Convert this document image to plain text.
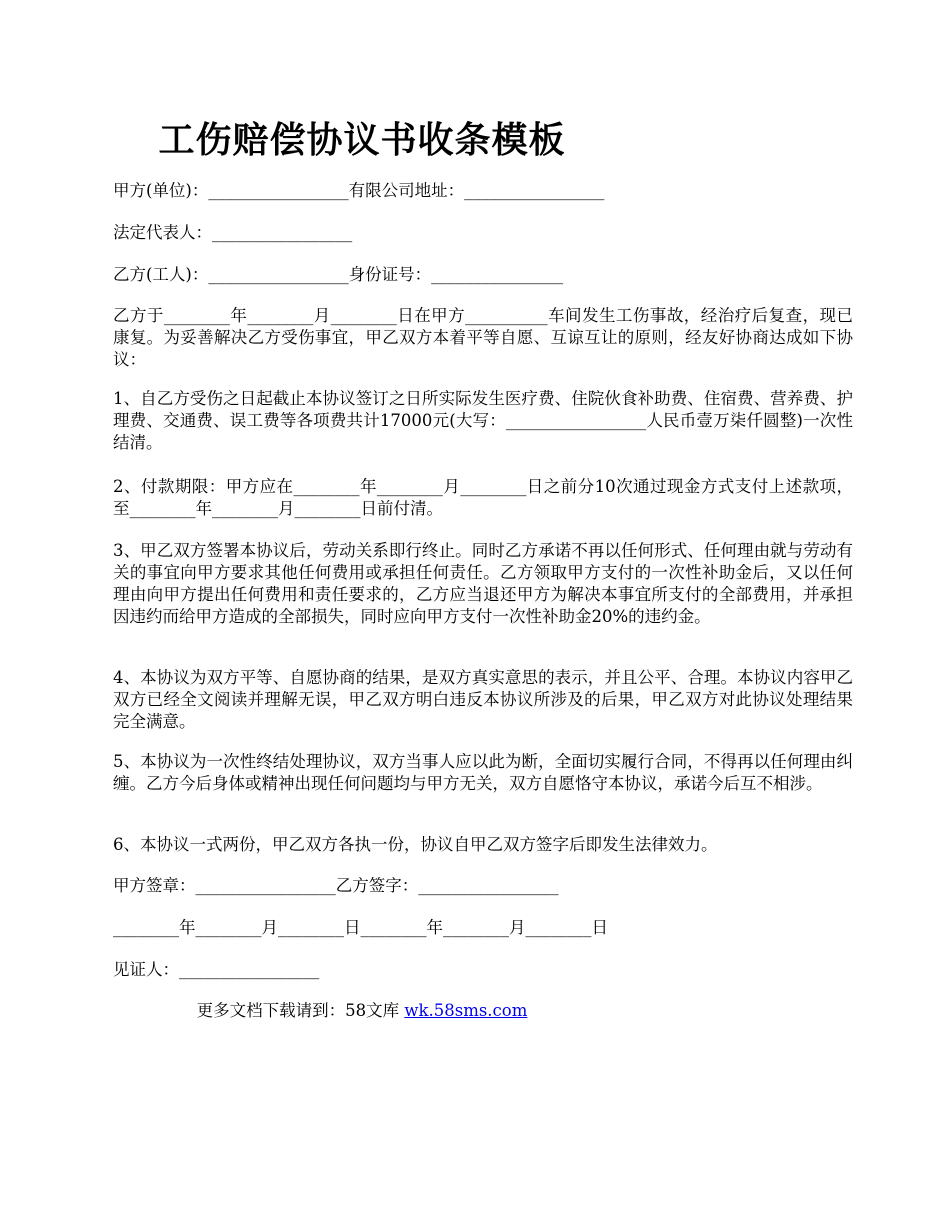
工伤赔偿协议书收条模板

甲方(单位)：_________________有限公司地址：_________________

法定代表人：_________________

乙方(工人)：_________________身份证号：________________

乙方于________年________月________日在甲方__________车间发生工伤事故，经治疗后复查，现已康复。为妥善解决乙方受伤事宜，甲乙双方本着平等自愿、互谅互让的原则，经友好协商达成如下协议：

1、自乙方受伤之日起截止本协议签订之日所实际发生医疗费、住院伙食补助费、住宿费、营养费、护理费、交通费、误工费等各项费共计17000元(大写：_________________人民币壹万柒仟圆整)一次性结清。

2、付款期限：甲方应在________年________月________日之前分10次通过现金方式支付上述款项，至________年________月________日前付清。

3、甲乙双方签署本协议后，劳动关系即行终止。同时乙方承诺不再以任何形式、任何理由就与劳动有关的事宜向甲方要求其他任何费用或承担任何责任。乙方领取甲方支付的一次性补助金后，又以任何理由向甲方提出任何费用和责任要求的，乙方应当退还甲方为解决本事宜所支付的全部费用，并承担因违约而给甲方造成的全部损失，同时应向甲方支付一次性补助金20%的违约金。

4、本协议为双方平等、自愿协商的结果，是双方真实意思的表示，并且公平、合理。本协议内容甲乙双方已经全文阅读并理解无误，甲乙双方明白违反本协议所涉及的后果，甲乙双方对此协议处理结果完全满意。

5、本协议为一次性终结处理协议，双方当事人应以此为断，全面切实履行合同，不得再以任何理由纠缠。乙方今后身体或精神出现任何问题均与甲方无关，双方自愿恪守本协议，承诺今后互不相涉。

6、本协议一式两份，甲乙双方各执一份，协议自甲乙双方签字后即发生法律效力。

甲方签章：_________________乙方签字：_________________

________年________月________日________年________月________日

见证人：_________________

更多文档下载请到：58文库 wk.58sms.com
